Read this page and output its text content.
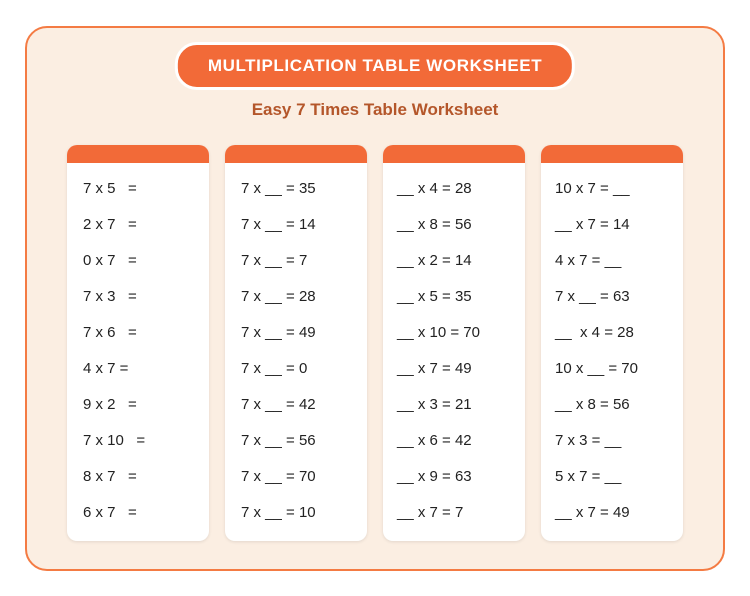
MULTIPLICATION TABLE WORKSHEET
Easy 7 Times Table Worksheet
7 x 5   =
2 x 7   =
0 x 7   =
7 x 3   =
7 x 6   =
4 x 7 =
9 x 2   =
7 x 10   =
8 x 7   =
6 x 7   =
7 x __ = 35
7 x __ = 14
7 x __ = 7
7 x __ = 28
7 x __ = 49
7 x __ = 0
7 x __ = 42
7 x __ = 56
7 x __ = 70
7 x __ = 10
__ x 4 = 28
__ x 8 = 56
__ x 2 = 14
__ x 5 = 35
__ x 10 = 70
__ x 7 = 49
__ x 3 = 21
__ x 6 = 42
__ x 9 = 63
__ x 7 = 7
10 x 7 = __
__ x 7 = 14
4 x 7 = __
7 x __ = 63
__  x 4 = 28
10 x __ = 70
__ x 8 = 56
7 x 3 = __
5 x 7 = __
__ x 7 = 49
